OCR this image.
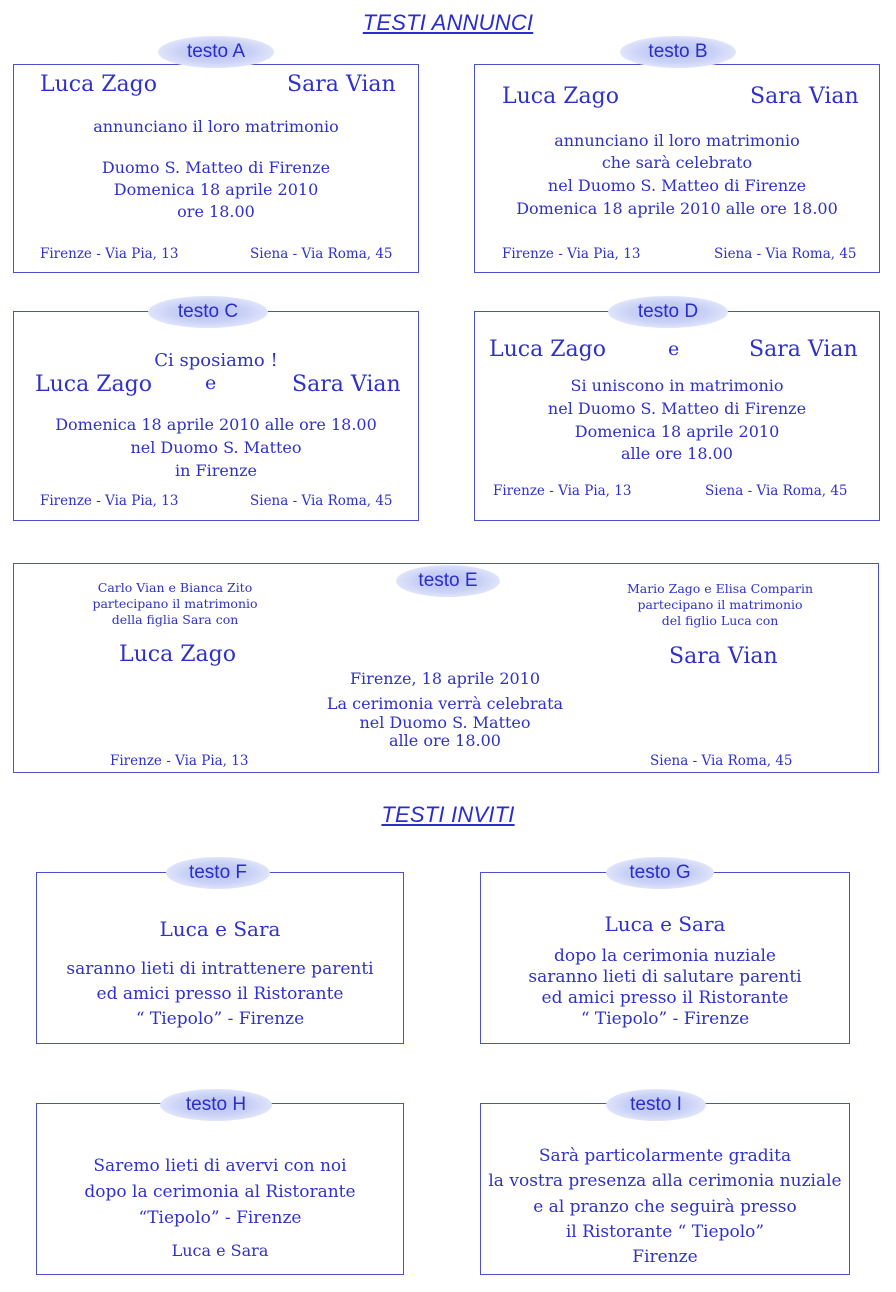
TESTI ANNUNCI
testo A
Luca Zago	Sara Vian
annunciano il loro matrimonio
Duomo S. Matteo di Firenze
Domenica 18 aprile 2010
ore 18.00
Firenze - Via Pia, 13	Siena - Via Roma, 45
testo B
Luca Zago	Sara Vian
annunciano il loro matrimonio
che sarà celebrato
nel Duomo S. Matteo di Firenze
Domenica 18 aprile 2010 alle ore 18.00
Firenze - Via Pia, 13	Siena - Via Roma, 45
testo C
Ci sposiamo !
Luca Zago	e	Sara Vian
Domenica 18 aprile 2010 alle ore 18.00
nel Duomo S. Matteo
in Firenze
Firenze - Via Pia, 13	Siena - Via Roma, 45
testo D
Luca Zago	e	Sara Vian
Si uniscono in matrimonio
nel Duomo S. Matteo di Firenze
Domenica 18 aprile 2010
alle ore 18.00
Firenze - Via Pia, 13	Siena - Via Roma, 45
testo E
Carlo Vian e Bianca Zito
partecipano il matrimonio
della figlia Sara con
Mario Zago e Elisa Comparin
partecipano il matrimonio
del figlio Luca con
Luca Zago	Sara Vian
Firenze, 18 aprile 2010
La cerimonia verrà celebrata
nel Duomo S. Matteo
alle ore 18.00
Firenze - Via Pia, 13	Siena - Via Roma, 45
TESTI INVITI
testo F
Luca e Sara
saranno lieti di intrattenere parenti
ed amici presso il Ristorante
“ Tiepolo” - Firenze
testo G
Luca e Sara
dopo la cerimonia nuziale
saranno lieti di salutare parenti
ed amici presso il Ristorante
“ Tiepolo” - Firenze
testo H
Saremo lieti di avervi con noi
dopo la cerimonia al Ristorante
“Tiepolo” - Firenze
Luca e Sara
testo I
Sarà particolarmente gradita
la vostra presenza alla cerimonia nuziale
e al pranzo che seguirà presso
il Ristorante “ Tiepolo”
Firenze
